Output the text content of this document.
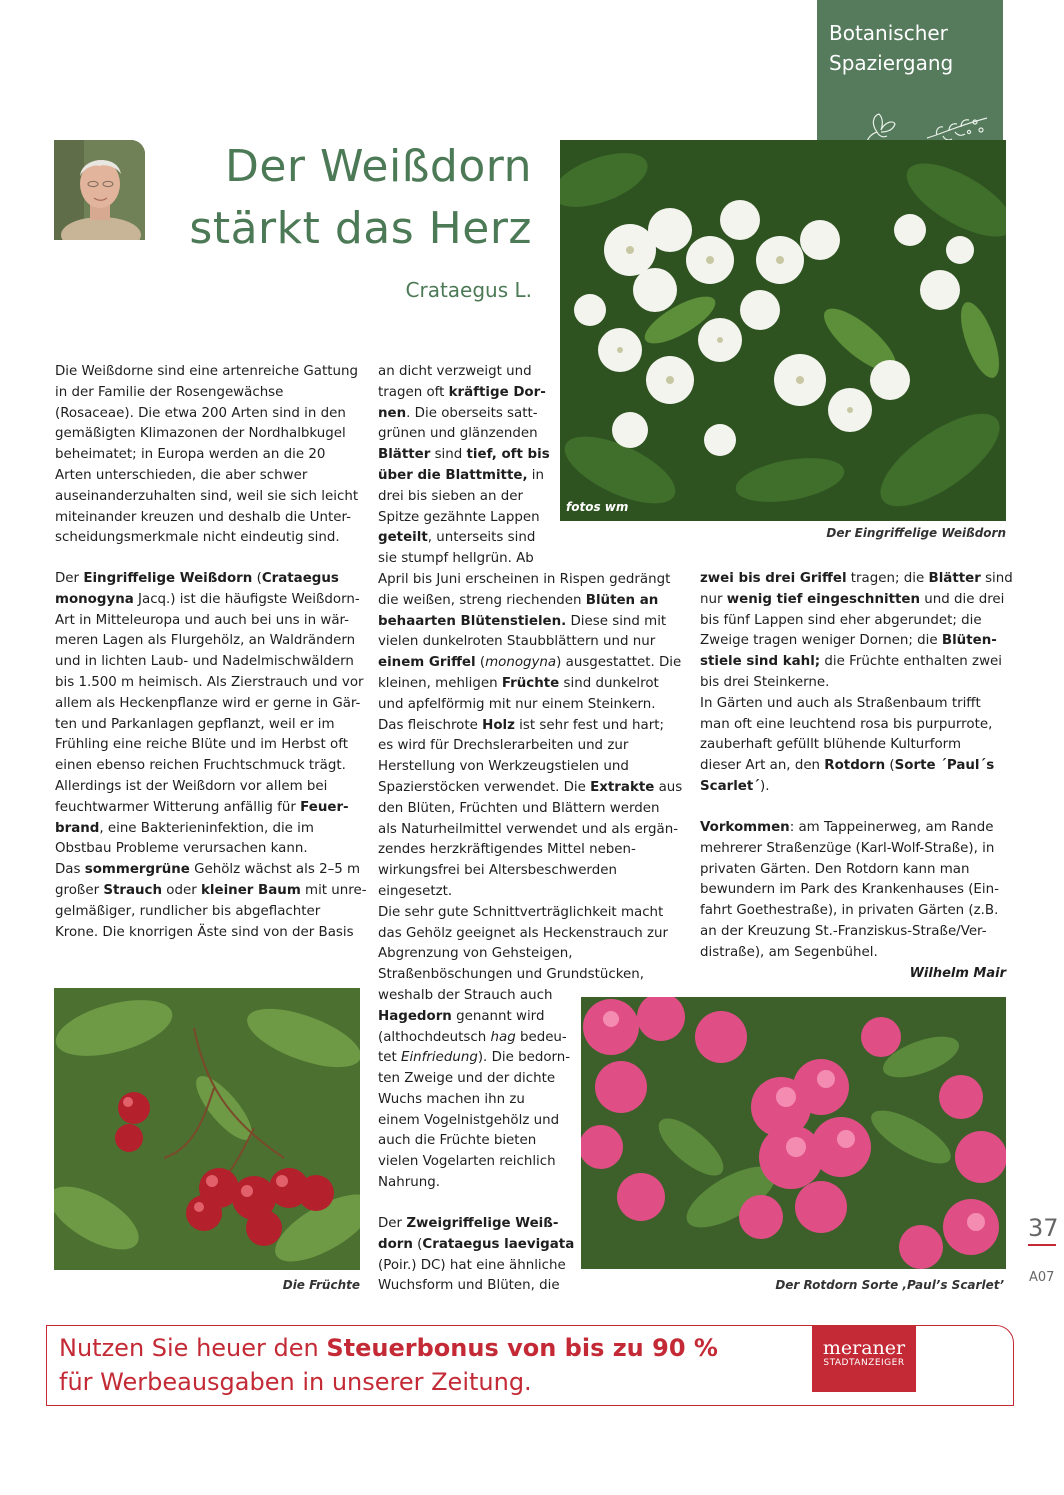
Botanischer
Spaziergang
Der Weißdorn
stärkt das Herz
Crataegus L.
fotos wm
Der Eingriffelige Weißdorn
Die Weißdorne sind eine artenreiche Gattung
in der Familie der Rosengewächse
(Rosaceae). Die etwa 200 Arten sind in den
gemäßigten Klimazonen der Nordhalbkugel
beheimatet; in Europa werden an die 20
Arten unterschieden, die aber schwer
auseinanderzuhalten sind, weil sie sich leicht
miteinander kreuzen und deshalb die Unter-
scheidungsmerkmale nicht eindeutig sind.
Der Eingriffelige Weißdorn (Crataegus
monogyna Jacq.) ist die häufigste Weißdorn-
Art in Mitteleuropa und auch bei uns in wär-
meren Lagen als Flurgehölz, an Waldrändern
und in lichten Laub- und Nadelmischwäldern
bis 1.500 m heimisch. Als Zierstrauch und vor
allem als Heckenpflanze wird er gerne in Gär-
ten und Parkanlagen gepflanzt, weil er im
Frühling eine reiche Blüte und im Herbst oft
einen ebenso reichen Fruchtschmuck trägt.
Allerdings ist der Weißdorn vor allem bei
feuchtwarmer Witterung anfällig für Feuer-
brand, eine Bakterieninfektion, die im
Obstbau Probleme verursachen kann.
Das sommergrüne Gehölz wächst als 2–5 m
großer Strauch oder kleiner Baum mit unre-
gelmäßiger, rundlicher bis abgeflachter
Krone. Die knorrigen Äste sind von der Basis
an dicht verzweigt und
tragen oft kräftige Dor-
nen. Die oberseits satt-
grünen und glänzenden
Blätter sind tief, oft bis
über die Blattmitte, in
drei bis sieben an der
Spitze gezähnte Lappen
geteilt, unterseits sind
sie stumpf hellgrün. Ab
April bis Juni erscheinen in Rispen gedrängt
die weißen, streng riechenden Blüten an
behaarten Blütenstielen. Diese sind mit
vielen dunkelroten Staubblättern und nur
einem Griffel (monogyna) ausgestattet. Die
kleinen, mehligen Früchte sind dunkelrot
und apfelförmig mit nur einem Steinkern.
Das fleischrote Holz ist sehr fest und hart;
es wird für Drechslerarbeiten und zur
Herstellung von Werkzeugstielen und
Spazierstöcken verwendet. Die Extrakte aus
den Blüten, Früchten und Blättern werden
als Naturheilmittel verwendet und als ergän-
zendes herzkräftigendes Mittel neben-
wirkungsfrei bei Altersbeschwerden
eingesetzt.
Die sehr gute Schnittverträglichkeit macht
das Gehölz geeignet als Heckenstrauch zur
Abgrenzung von Gehsteigen,
Straßenböschungen und Grundstücken,
weshalb der Strauch auch
Hagedorn genannt wird
(althochdeutsch hag bedeu-
tet Einfriedung). Die bedorn-
ten Zweige und der dichte
Wuchs machen ihn zu
einem Vogelnistgehölz und
auch die Früchte bieten
vielen Vogelarten reichlich
Nahrung.
Der Zweigriffelige Weiß-
dorn (Crataegus laevigata
(Poir.) DC) hat eine ähnliche
Wuchsform und Blüten, die
zwei bis drei Griffel tragen; die Blätter sind
nur wenig tief eingeschnitten und die drei
bis fünf Lappen sind eher abgerundet; die
Zweige tragen weniger Dornen; die Blüten-
stiele sind kahl; die Früchte enthalten zwei
bis drei Steinkerne.
In Gärten und auch als Straßenbaum trifft
man oft eine leuchtend rosa bis purpurrote,
zauberhaft gefüllt blühende Kulturform
dieser Art an, den Rotdorn (Sorte ´Paul´s
Scarlet´).
Vorkommen: am Tappeinerweg, am Rande
mehrerer Straßenzüge (Karl-Wolf-Straße), in
privaten Gärten. Den Rotdorn kann man
bewundern im Park des Krankenhauses (Ein-
fahrt Goethestraße), in privaten Gärten (z.B.
an der Kreuzung St.-Franziskus-Straße/Ver-
distraße), am Segenbühel.
Wilhelm Mair
Die Früchte	Der Rotdorn Sorte ‚Paul’s Scarlet’
37
A07
Nutzen Sie heuer den Steuerbonus von bis zu 90 %
für Werbeausgaben in unserer Zeitung.
meraner
STADTANZEIGER
